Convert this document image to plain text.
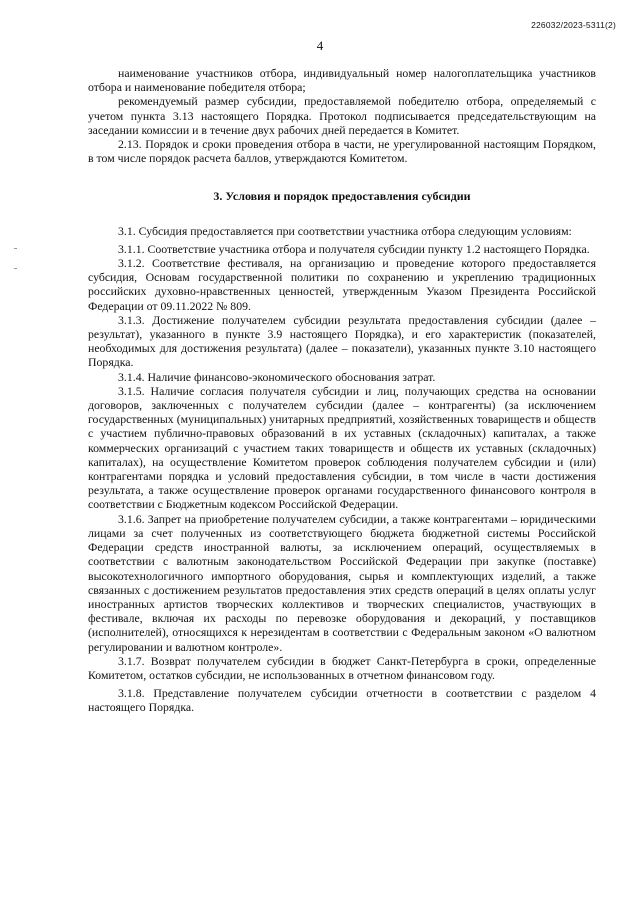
226032/2023-5311(2)
4

наименование участников отбора, индивидуальный номер налогоплательщика участников отбора и наименование победителя отбора;

рекомендуемый размер субсидии, предоставляемой победителю отбора, определяемый с учетом пункта 3.13 настоящего Порядка. Протокол подписывается председательствующим на заседании комиссии и в течение двух рабочих дней передается в Комитет.

2.13. Порядок и сроки проведения отбора в части, не урегулированной настоящим Порядком, в том числе порядок расчета баллов, утверждаются Комитетом.

3. Условия и порядок предоставления субсидии

3.1. Субсидия предоставляется при соответствии участника отбора следующим условиям:

3.1.1. Соответствие участника отбора и получателя субсидии пункту 1.2 настоящего Порядка.

3.1.2. Соответствие фестиваля, на организацию и проведение которого предоставляется субсидия, Основам государственной политики по сохранению и укреплению традиционных российских духовно-нравственных ценностей, утвержденным Указом Президента Российской Федерации от 09.11.2022 № 809.

3.1.3. Достижение получателем субсидии результата предоставления субсидии (далее – результат), указанного в пункте 3.9 настоящего Порядка), и его характеристик (показателей, необходимых для достижения результата) (далее – показатели), указанных пункте 3.10 настоящего Порядка.

3.1.4. Наличие финансово-экономического обоснования затрат.

3.1.5. Наличие согласия получателя субсидии и лиц, получающих средства на основании договоров, заключенных с получателем субсидии (далее – контрагенты) (за исключением государственных (муниципальных) унитарных предприятий, хозяйственных товариществ и обществ с участием публично-правовых образований в их уставных (складочных) капиталах, а также коммерческих организаций с участием таких товариществ и обществ их уставных (складочных) капиталах), на осуществление Комитетом проверок соблюдения получателем субсидии и (или) контрагентами порядка и условий предоставления субсидии, в том числе в части достижения результата, а также осуществление проверок органами государственного финансового контроля в соответствии с Бюджетным кодексом Российской Федерации.

3.1.6. Запрет на приобретение получателем субсидии, а также контрагентами – юридическими лицами за счет полученных из соответствующего бюджета бюджетной системы Российской Федерации средств иностранной валюты, за исключением операций, осуществляемых в соответствии с валютным законодательством Российской Федерации при закупке (поставке) высокотехнологичного импортного оборудования, сырья и комплектующих изделий, а также связанных с достижением результатов предоставления этих средств операций в целях оплаты услуг иностранных артистов творческих коллективов и творческих специалистов, участвующих в фестивале, включая их расходы по перевозке оборудования и декораций, у поставщиков (исполнителей), относящихся к нерезидентам в соответствии с Федеральным законом «О валютном регулировании и валютном контроле».

3.1.7. Возврат получателем субсидии в бюджет Санкт-Петербурга в сроки, определенные Комитетом, остатков субсидии, не использованных в отчетном финансовом году.

3.1.8. Представление получателем субсидии отчетности в соответствии с разделом 4 настоящего Порядка.
